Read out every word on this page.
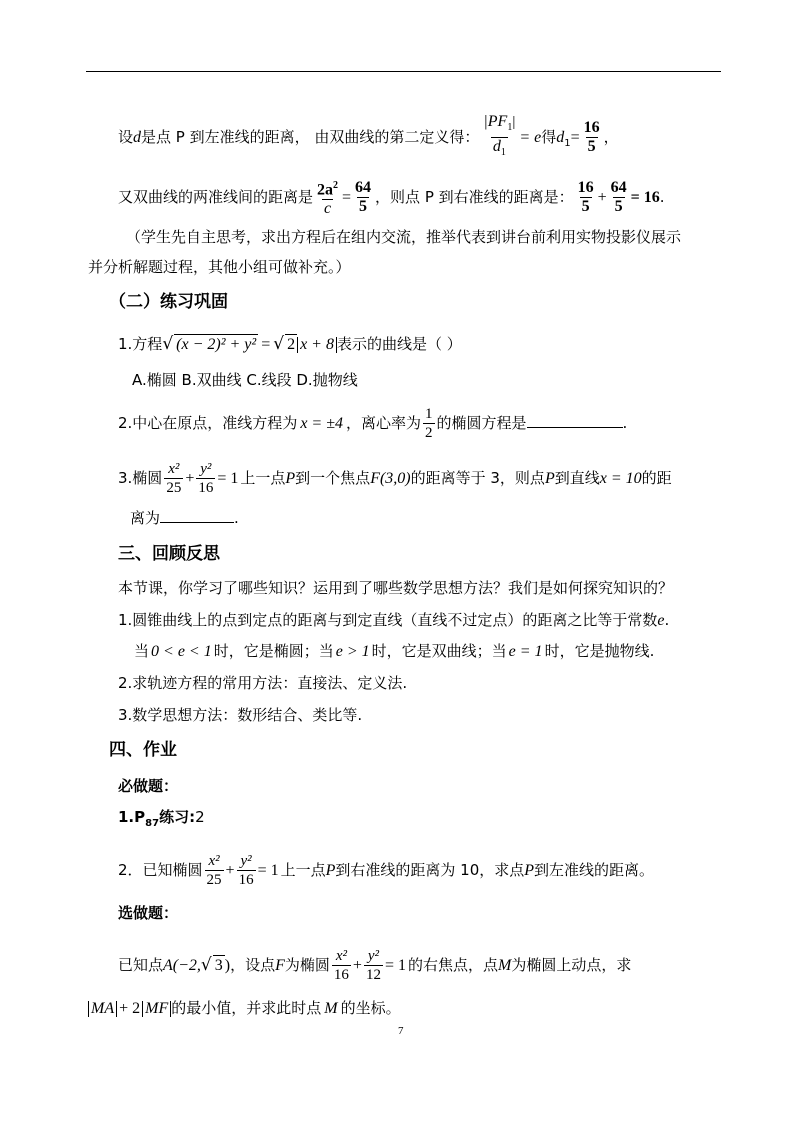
设d是点 P 到左准线的距离， 由双曲线的第二定义得： $\frac{|PF_1|}{d_1} = e$得$d_1= \frac{16}{5}$ ，
又双曲线的两准线间的距离是 $\frac{2a^2}{c} = \frac{64}{5}$ ，则点 P 到右准线的距离是： $\frac{16}{5} + \frac{64}{5} = 16$.
（学生先自主思考，求出方程后在组内交流，推举代表到讲台前利用实物投影仪展示
并分析解题过程，其他小组可做补充。）
（二）练习巩固
1.方程√ (x − 2)² + y² = √ 2 x + 8 表示的曲线是（ ）
A.椭圆 B.双曲线 C.线段 D.抛物线
2.中心在原点，准线方程为 x = ±4 ，离心率为 $\frac{1}{2}$ 的椭圆方程是	.
3.椭圆 $\frac{\text{x²}}{25} + \frac{\text{y²}}{16} = 1$ 上一点P到一个焦点F(3,0)的距离等于 3，则点P到直线x = 10的距
离为	.
三、回顾反思
本节课，你学习了哪些知识？运用到了哪些数学思想方法？我们是如何探究知识的？
1.圆锥曲线上的点到定点的距离与到定直线（直线不过定点）的距离之比等于常数e.
当 0 < e < 1 时，它是椭圆；当 e > 1 时，它是双曲线；当 e = 1 时，它是抛物线.
2.求轨迹方程的常用方法：直接法、定义法.
3.数学思想方法：数形结合、类比等.
四、作业
必做题：
$1.P_{87}$练习:2
2．已知椭圆 $\frac{\text{x²}}{25} + \frac{\text{y²}}{16} = 1$ 上一点P到右准线的距离为 10，求点P到左准线的距离。
选做题：
已知点A(−2,√ 3 )，设点F为椭圆 $\frac{\text{x²}}{16} + \frac{\text{y²}}{12} = 1$ 的右焦点，点M为椭圆上动点，求
MA + 2 MF 的最小值，并求此时点 M 的坐标。
7
